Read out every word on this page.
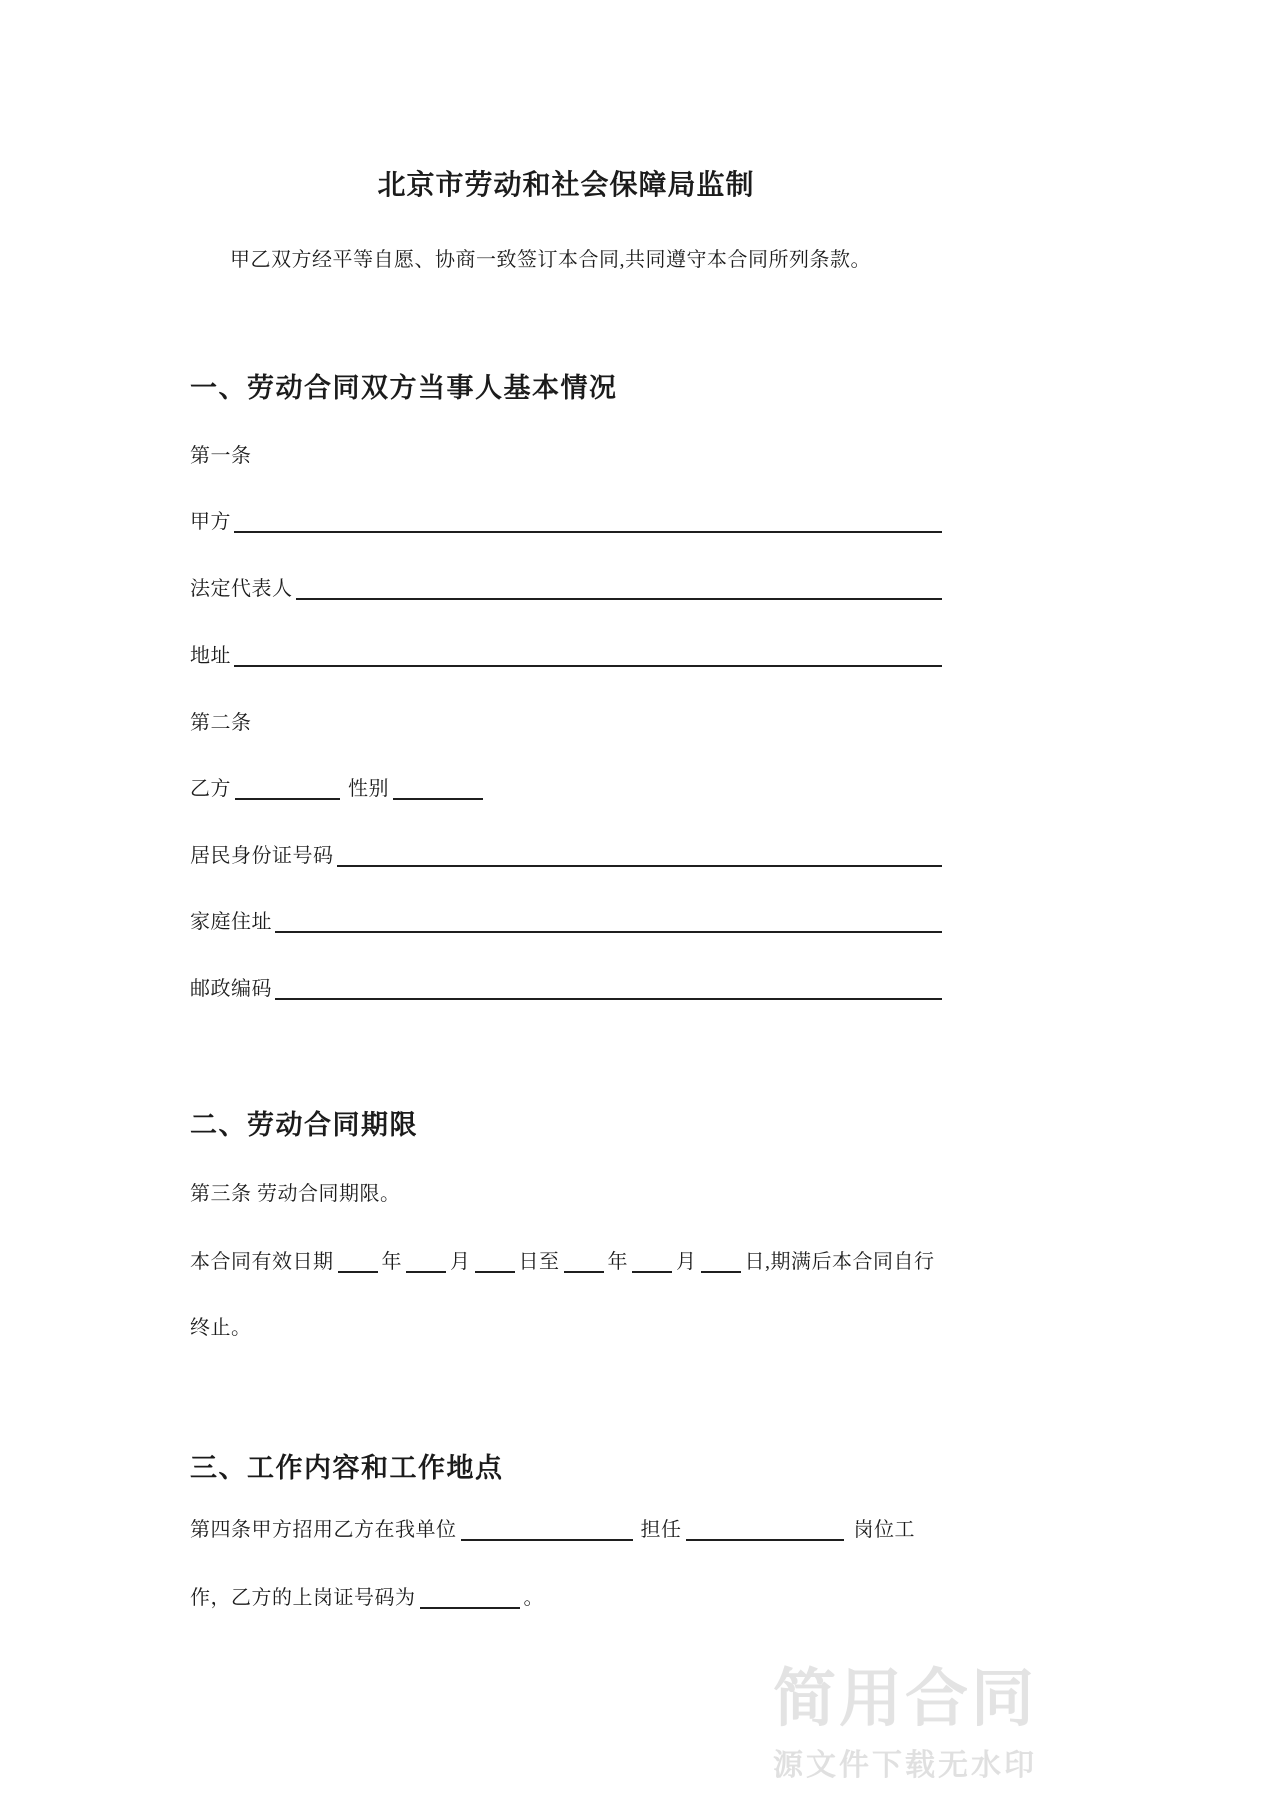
北京市劳动和社会保障局监制
甲乙双方经平等自愿、协商一致签订本合同,共同遵守本合同所列条款。
一、劳动合同双方当事人基本情况
第一条
甲方
法定代表人
地址
第二条
乙方	性别
居民身份证号码
家庭住址
邮政编码
二、劳动合同期限
第三条 劳动合同期限。
本合同有效日期 年 月 日至 年 月 日,期满后本合同自行
终止。
三、工作内容和工作地点
第四条甲方招用乙方在我单位	担任	岗位工
作，乙方的上岗证号码为	。
简用合同
源文件下载无水印
